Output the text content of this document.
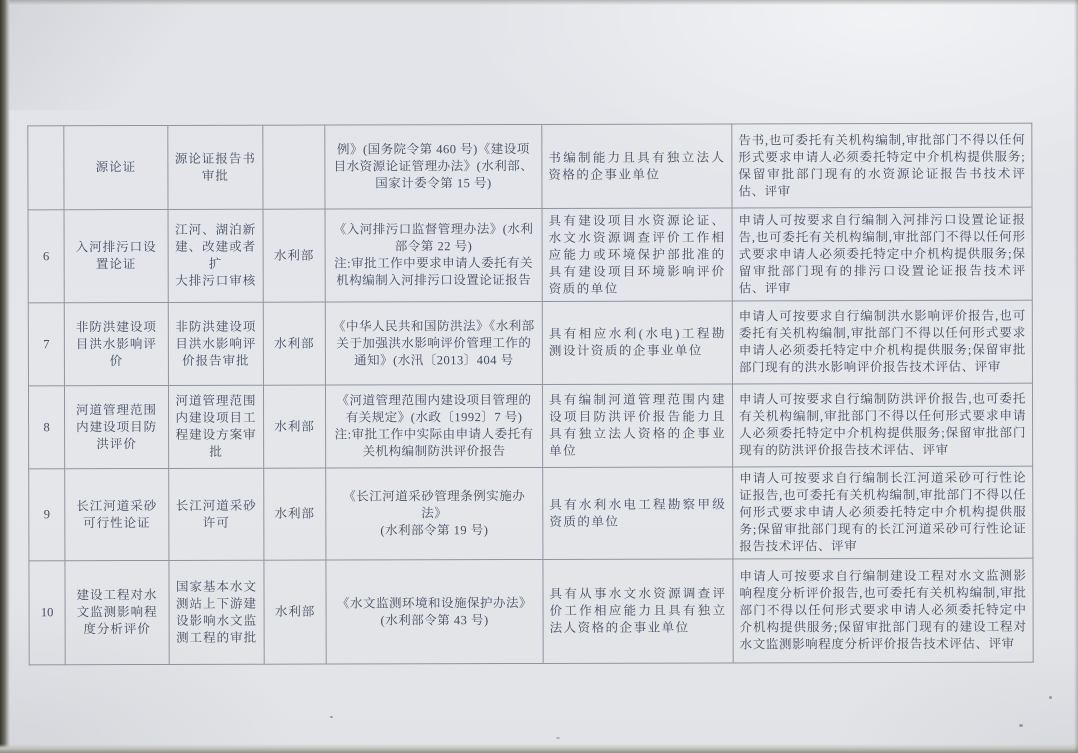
	源论证	源论证报告书
审批		例》(国务院令第 460 号)《建设项
目水资源论证管理办法》(水利部、
国家计委令第 15 号)	书编制能力且具有独立法人资格的企事业单位	告书,也可委托有关机构编制,审批部门不得以任何形式要求申请人必须委托特定中介机构提供服务;保留审批部门现有的水资源论证报告书技术评估、评审
6	入河排污口设
置论证	江河、湖泊新
建、改建或者扩
大排污口审核	水利部	《入河排污口监督管理办法》(水利
部令第 22 号)
注:审批工作中要求申请人委托有关
机构编制入河排污口设置论证报告	具有建设项目水资源论证、水文水资源调查评价工作相应能力或环境保护部批准的具有建设项目环境影响评价资质的单位	申请人可按要求自行编制入河排污口设置论证报告,也可委托有关机构编制,审批部门不得以任何形式要求申请人必须委托特定中介机构提供服务;保留审批部门现有的排污口设置论证报告技术评估、评审
7	非防洪建设项
目洪水影响评
价	非防洪建设项
目洪水影响评
价报告审批	水利部	《中华人民共和国防洪法》《水利部
关于加强洪水影响评价管理工作的
通知》(水汛〔2013〕404 号	具有相应水利(水电)工程勘测设计资质的企事业单位	申请人可按要求自行编制洪水影响评价报告,也可委托有关机构编制,审批部门不得以任何形式要求申请人必须委托特定中介机构提供服务;保留审批部门现有的洪水影响评价报告技术评估、评审
8	河道管理范围
内建设项目防
洪评价	河道管理范围
内建设项目工
程建设方案审
批	水利部	《河道管理范围内建设项目管理的
有关规定》(水政〔1992〕7 号)
注:审批工作中实际由申请人委托有
关机构编制防洪评价报告	具有编制河道管理范围内建设项目防洪评价报告能力且具有独立法人资格的企事业单位	申请人可按要求自行编制防洪评价报告,也可委托有关机构编制,审批部门不得以任何形式要求申请人必须委托特定中介机构提供服务;保留审批部门现有的防洪评价报告技术评估、评审
9	长江河道采砂
可行性论证	长江河道采砂
许可	水利部	《长江河道采砂管理条例实施办法》
(水利部令第 19 号)	具有水利水电工程勘察甲级资质的单位	申请人可按要求自行编制长江河道采砂可行性论证报告,也可委托有关机构编制,审批部门不得以任何形式要求申请人必须委托特定中介机构提供服务;保留审批部门现有的长江河道采砂可行性论证报告技术评估、评审
10	建设工程对水
文监测影响程
度分析评价	国家基本水文
测站上下游建
设影响水文监
测工程的审批	水利部	《水文监测环境和设施保护办法》
(水利部令第 43 号)	具有从事水文水资源调查评价工作相应能力且具有独立法人资格的企事业单位	申请人可按要求自行编制建设工程对水文监测影响程度分析评价报告,也可委托有关机构编制,审批部门不得以任何形式要求申请人必须委托特定中介机构提供服务;保留审批部门现有的建设工程对水文监测影响程度分析评价报告技术评估、评审
